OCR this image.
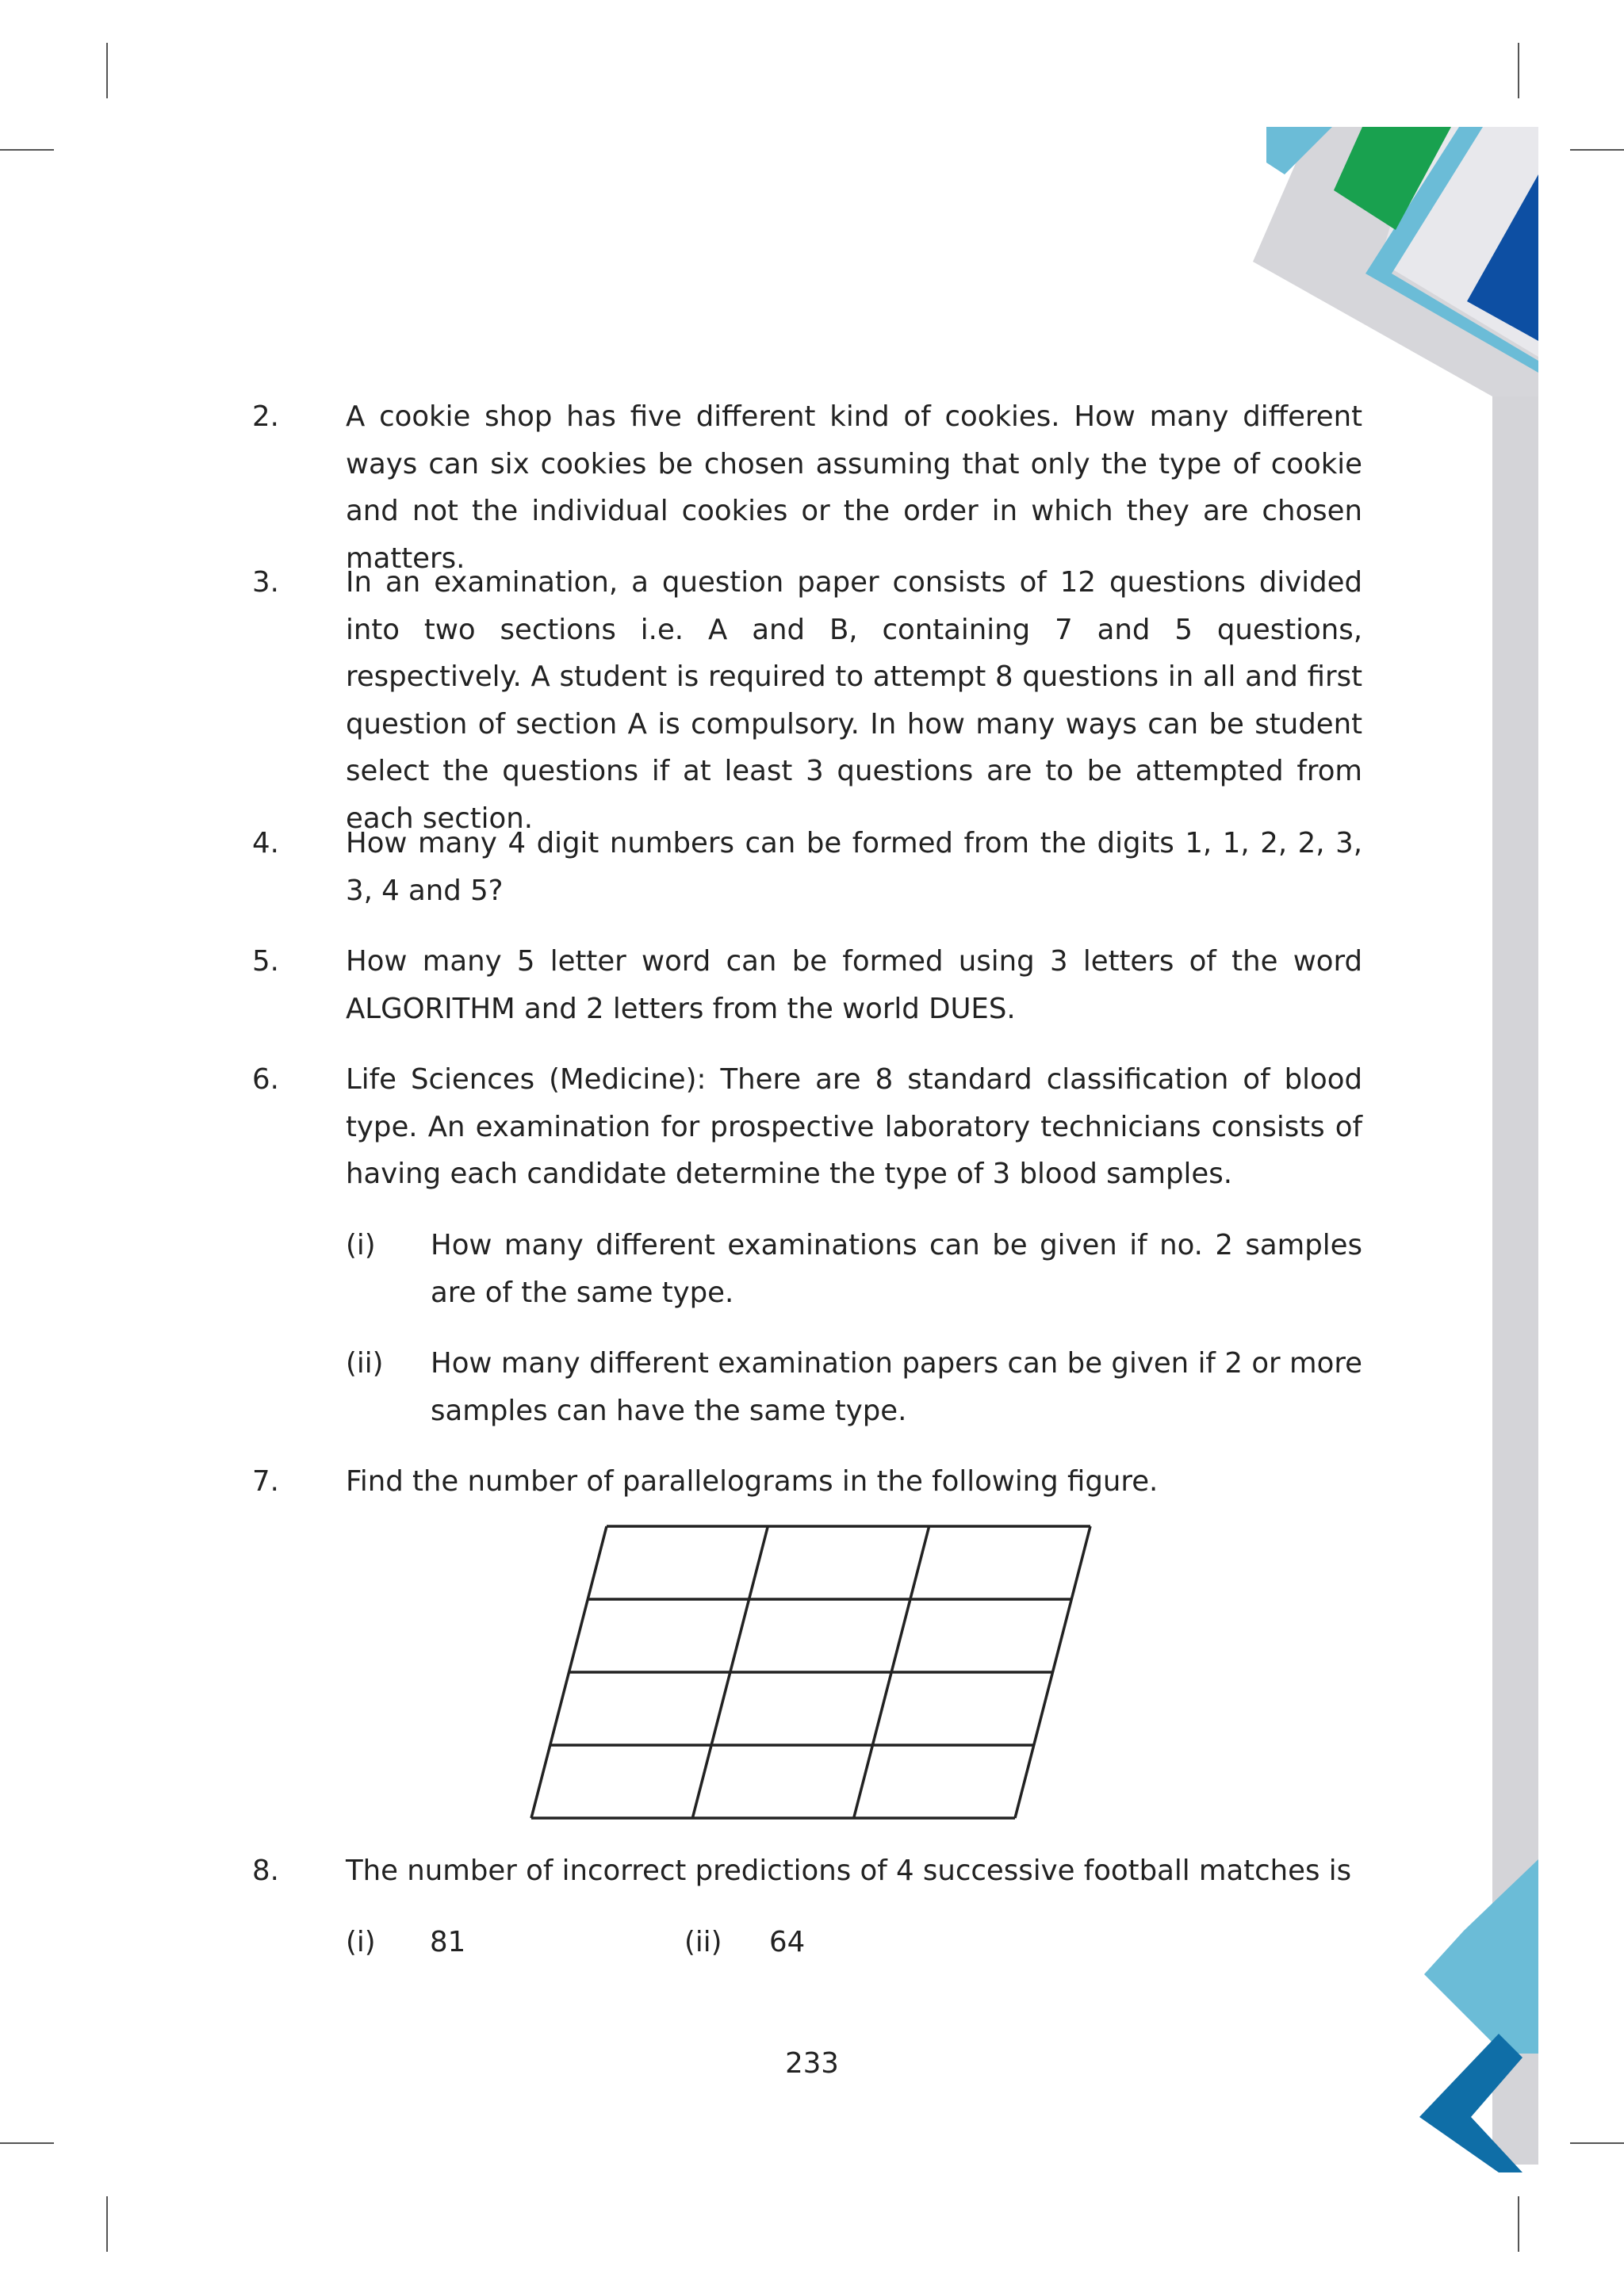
2. A cookie shop has five different kind of cookies. How many different ways can six cookies be chosen assuming that only the type of cookie and not the individual cookies or the order in which they are chosen matters.
3. In an examination, a question paper consists of 12 questions divided into two sections i.e. A and B, containing 7 and 5 questions, respectively. A student is required to attempt 8 questions in all and first question of section A is compulsory. In how many ways can be student select the questions if at least 3 questions are to be attempted from each section.
4. How many 4 digit numbers can be formed from the digits 1, 1, 2, 2, 3, 3, 4 and 5?
5. How many 5 letter word can be formed using 3 letters of the word ALGORITHM and 2 letters from the world DUES.
6. Life Sciences (Medicine): There are 8 standard classification of blood type. An examination for prospective laboratory technicians consists of having each candidate determine the type of 3 blood samples.
(i) How many different examinations can be given if no. 2 samples are of the same type.
(ii) How many different examination papers can be given if 2 or more samples can have the same type.
7. Find the number of parallelograms in the following figure.
8. The number of incorrect predictions of 4 successive football matches is
(i) 81	(ii) 64
233
